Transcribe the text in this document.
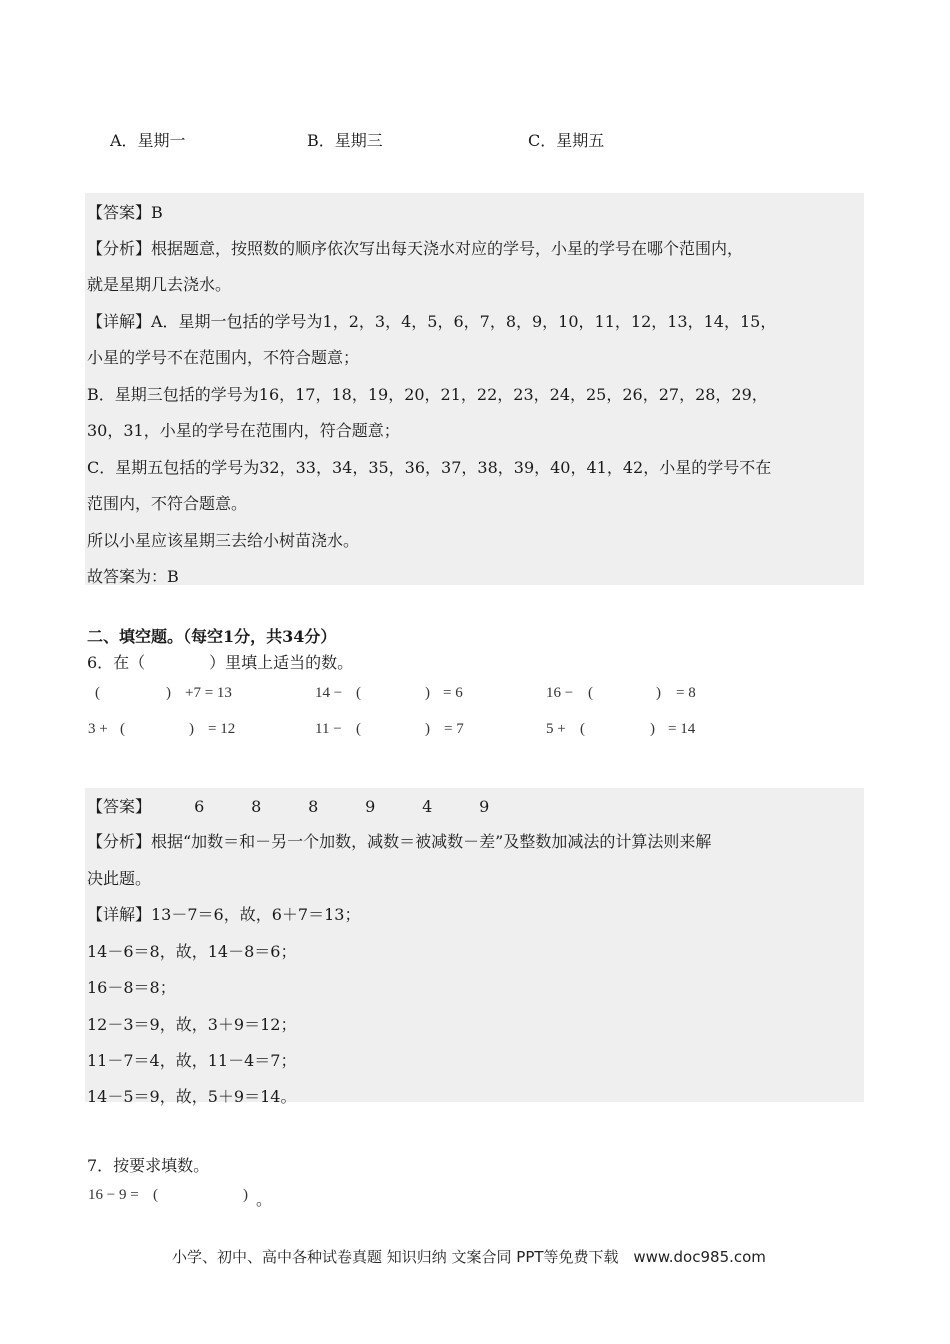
A．星期一	B．星期三	C．星期五
【答案】B
【分析】根据题意，按照数的顺序依次写出每天浇水对应的学号，小星的学号在哪个范围内，
就是星期几去浇水。
【详解】A．星期一包括的学号为1，2，3，4，5，6，7，8，9，10，11，12，13，14，15，
小星的学号不在范围内，不符合题意；
B．星期三包括的学号为16，17，18，19，20，21，22，23，24，25，26，27，28，29，
30，31，小星的学号在范围内，符合题意；
C．星期五包括的学号为32，33，34，35，36，37，38，39，40，41，42，小星的学号不在
范围内，不符合题意。
所以小星应该星期三去给小树苗浇水。
故答案为：B
二、填空题。（每空1分，共34分）
6．在（　　　　）里填上适当的数。
(	) +7 = 13	14 − (	) = 6	16 − (	) = 8
3 + (	) = 12	11 − (	) = 7	5 + (	) = 14
【答案】	6	8	8	9	4	9
【分析】根据“加数＝和－另一个加数，减数＝被减数－差”及整数加减法的计算法则来解
决此题。
【详解】13－7＝6，故，6＋7＝13；
14－6＝8，故，14－8＝6；
16－8＝8；
12－3＝9，故，3＋9＝12；
11－7＝4，故，11－4＝7；
14－5＝9，故，5＋9＝14。
7．按要求填数。
16 − 9 = (	) 。
小学、初中、高中各种试卷真题 知识归纳 文案合同 PPT等免费下载 www.doc985.com
